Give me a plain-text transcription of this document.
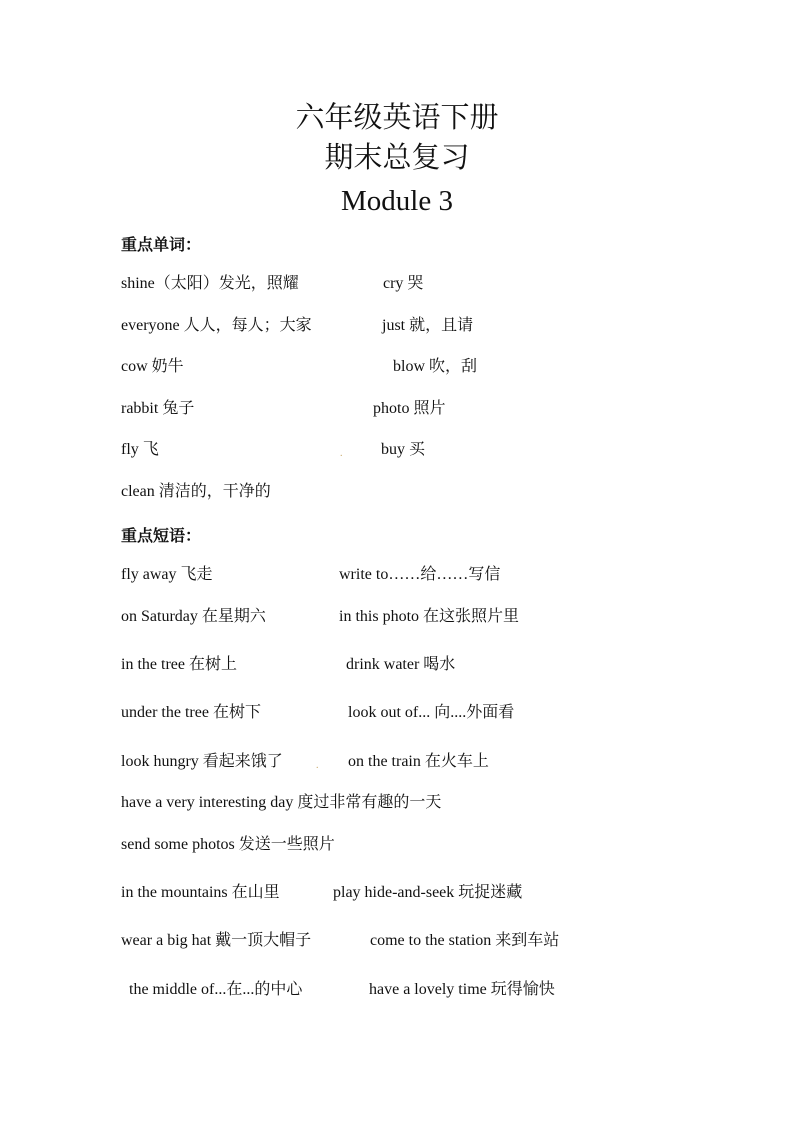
六年级英语下册
期末总复习
Module 3
重点单词：
shine（太阳）发光，照耀	cry 哭
everyone 人人，每人；大家	just 就，且请
cow 奶牛	blow 吹，刮
rabbit 兔子	photo 照片
fly 飞	. buy 买
clean 清洁的，干净的
重点短语：
fly away 飞走	write to……给……写信
on Saturday 在星期六	in this photo 在这张照片里
in the tree 在树上	drink water 喝水
under the tree 在树下	look out of... 向....外面看
look hungry 看起来饿了	. on the train 在火车上
have a very interesting day 度过非常有趣的一天
send some photos 发送一些照片
in the mountains 在山里	play hide-and-seek 玩捉迷藏
wear a big hat 戴一顶大帽子	come to the station 来到车站
the middle of...在...的中心	have a lovely time 玩得愉快
